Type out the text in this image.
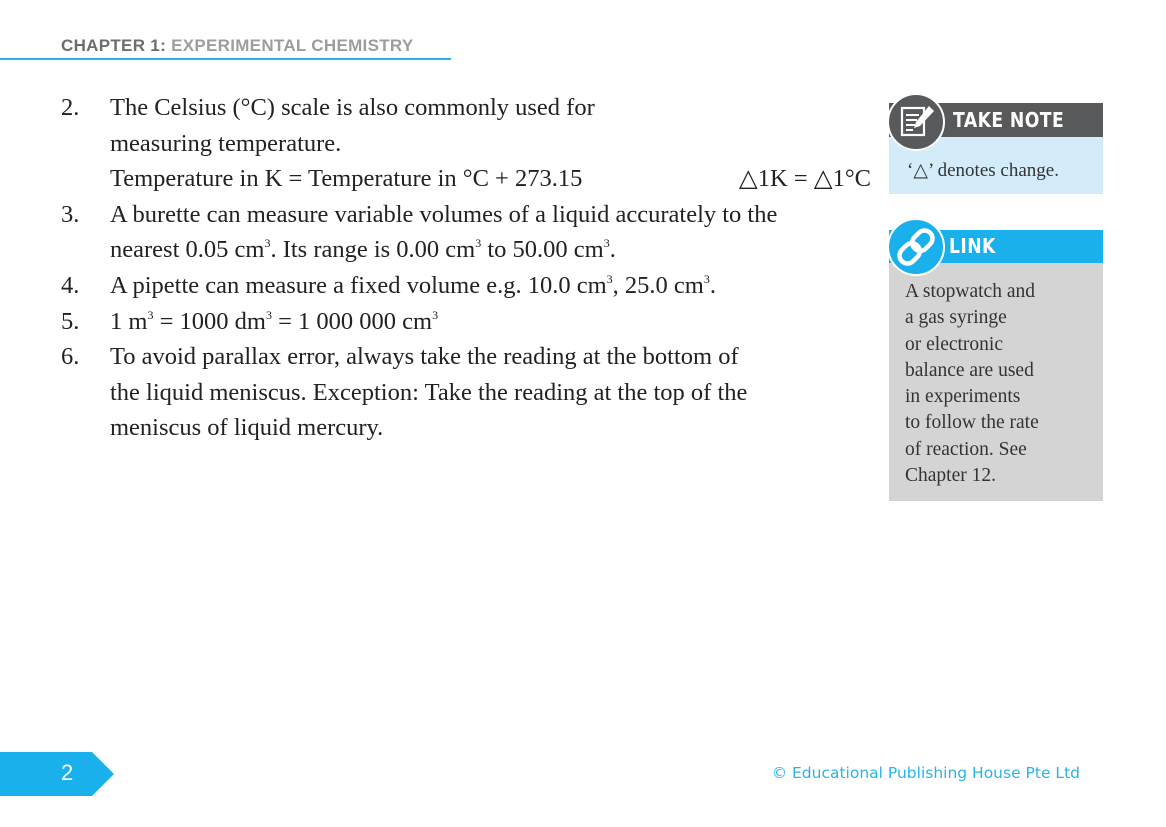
CHAPTER 1: EXPERIMENTAL CHEMISTRY
2. The Celsius (°C) scale is also commonly used for
measuring temperature.
Temperature in K = Temperature in °C + 273.15	△1K = △1°C
3. A burette can measure variable volumes of a liquid accurately to the
nearest 0.05 $cm^3$. Its range is 0.00 $cm^3$ to 50.00 $cm^3$.
4. A pipette can measure a fixed volume e.g. 10.0 $cm^3$, 25.0 $cm^3$.
5. 1 $m^3 = 1000$ $dm^3 = 1$ 000 000 $cm^3$
6. To avoid parallax error, always take the reading at the bottom of
the liquid meniscus. Exception: Take the reading at the top of the
meniscus of liquid mercury.
TAKE NOTE
‘△’ denotes change.
LINK
A stopwatch and
a gas syringe
or electronic
balance are used
in experiments
to follow the rate
of reaction. See
Chapter 12.
2	© Educational Publishing House Pte Ltd
